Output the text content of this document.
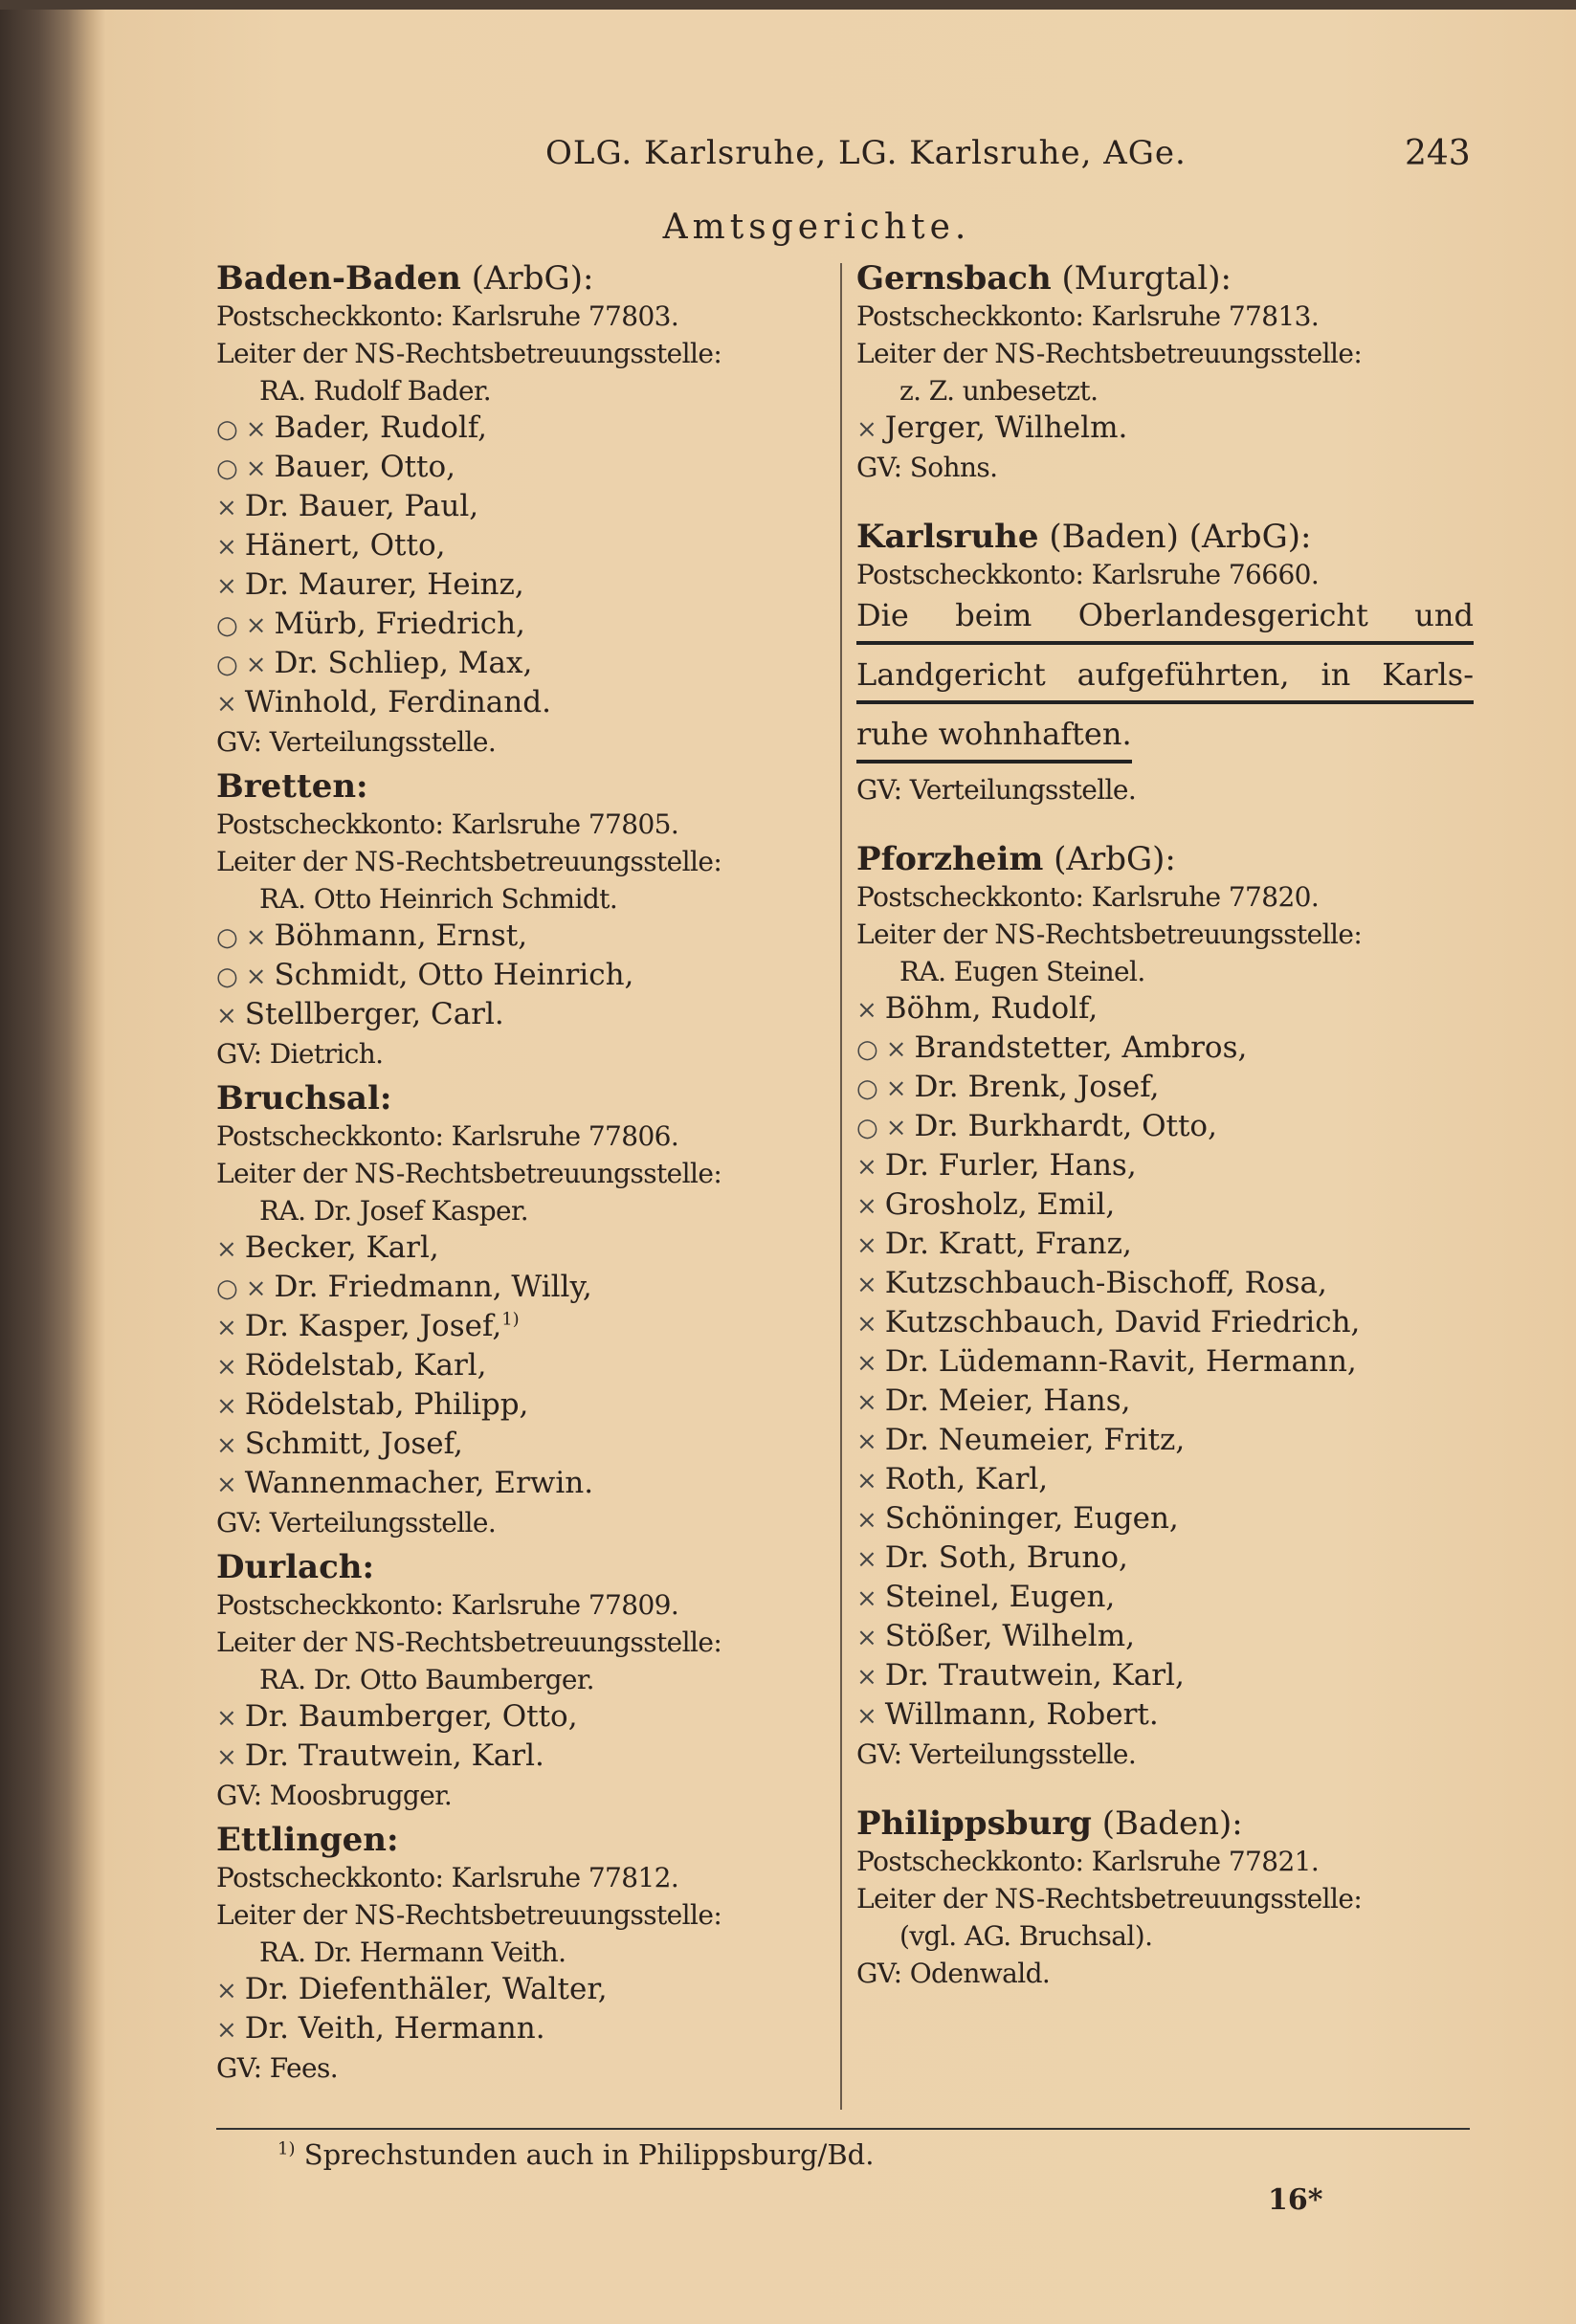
OLG. Karlsruhe, LG. Karlsruhe, AGe.	243
Amtsgerichte.
Baden-Baden (ArbG):
Postscheckkonto: Karlsruhe 77803.
Leiter der NS-Rechtsbetreuungsstelle:
RA. Rudolf Bader.
○ × Bader, Rudolf,
○ × Bauer, Otto,
× Dr. Bauer, Paul,
× Hänert, Otto,
× Dr. Maurer, Heinz,
○ × Mürb, Friedrich,
○ × Dr. Schliep, Max,
× Winhold, Ferdinand.
GV: Verteilungsstelle.
Bretten:
Postscheckkonto: Karlsruhe 77805.
Leiter der NS-Rechtsbetreuungsstelle:
RA. Otto Heinrich Schmidt.
○ × Böhmann, Ernst,
○ × Schmidt, Otto Heinrich,
× Stellberger, Carl.
GV: Dietrich.
Bruchsal:
Postscheckkonto: Karlsruhe 77806.
Leiter der NS-Rechtsbetreuungsstelle:
RA. Dr. Josef Kasper.
× Becker, Karl,
○ × Dr. Friedmann, Willy,
× Dr. Kasper, Josef,$^{1)}$
× Rödelstab, Karl,
× Rödelstab, Philipp,
× Schmitt, Josef,
× Wannenmacher, Erwin.
GV: Verteilungsstelle.
Durlach:
Postscheckkonto: Karlsruhe 77809.
Leiter der NS-Rechtsbetreuungsstelle:
RA. Dr. Otto Baumberger.
× Dr. Baumberger, Otto,
× Dr. Trautwein, Karl.
GV: Moosbrugger.
Ettlingen:
Postscheckkonto: Karlsruhe 77812.
Leiter der NS-Rechtsbetreuungsstelle:
RA. Dr. Hermann Veith.
× Dr. Diefenthäler, Walter,
× Dr. Veith, Hermann.
GV: Fees.
Gernsbach (Murgtal):
Postscheckkonto: Karlsruhe 77813.
Leiter der NS-Rechtsbetreuungsstelle:
z. Z. unbesetzt.
× Jerger, Wilhelm.
GV: Sohns.
Karlsruhe (Baden) (ArbG):
Postscheckkonto: Karlsruhe 76660.
Die beim Oberlandesgericht und
Landgericht aufgeführten, in Karls-
ruhe wohnhaften.
GV: Verteilungsstelle.
Pforzheim (ArbG):
Postscheckkonto: Karlsruhe 77820.
Leiter der NS-Rechtsbetreuungsstelle:
RA. Eugen Steinel.
× Böhm, Rudolf,
○ × Brandstetter, Ambros,
○ × Dr. Brenk, Josef,
○ × Dr. Burkhardt, Otto,
× Dr. Furler, Hans,
× Grosholz, Emil,
× Dr. Kratt, Franz,
× Kutzschbauch-Bischoff, Rosa,
× Kutzschbauch, David Friedrich,
× Dr. Lüdemann-Ravit, Hermann,
× Dr. Meier, Hans,
× Dr. Neumeier, Fritz,
× Roth, Karl,
× Schöninger, Eugen,
× Dr. Soth, Bruno,
× Steinel, Eugen,
× Stößer, Wilhelm,
× Dr. Trautwein, Karl,
× Willmann, Robert.
GV: Verteilungsstelle.
Philippsburg (Baden):
Postscheckkonto: Karlsruhe 77821.
Leiter der NS-Rechtsbetreuungsstelle:
(vgl. AG. Bruchsal).
GV: Odenwald.
$^{1)}$ Sprechstunden auch in Philippsburg/Bd.
16*
